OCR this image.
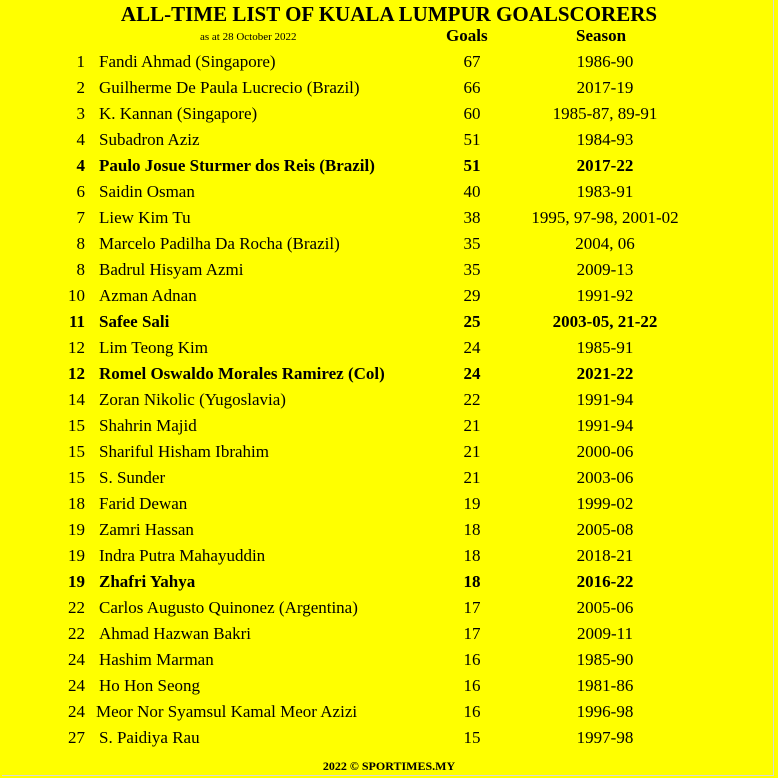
ALL-TIME LIST OF KUALA LUMPUR GOALSCORERS
as at 28 October 2022	Goals	Season
1 Fandi Ahmad (Singapore)	67	1986-90
2 Guilherme De Paula Lucrecio (Brazil)	66	2017-19
3 K. Kannan (Singapore)	60	1985-87, 89-91
4 Subadron Aziz	51	1984-93
4 Paulo Josue Sturmer dos Reis (Brazil)	51	2017-22
6 Saidin Osman	40	1983-91
7 Liew Kim Tu	38	1995, 97-98, 2001-02
8 Marcelo Padilha Da Rocha (Brazil)	35	2004, 06
8 Badrul Hisyam Azmi	35	2009-13
10 Azman Adnan	29	1991-92
11 Safee Sali	25	2003-05, 21-22
12 Lim Teong Kim	24	1985-91
12 Romel Oswaldo Morales Ramirez (Col)	24	2021-22
14 Zoran Nikolic (Yugoslavia)	22	1991-94
15 Shahrin Majid	21	1991-94
15 Shariful Hisham Ibrahim	21	2000-06
15 S. Sunder	21	2003-06
18 Farid Dewan	19	1999-02
19 Zamri Hassan	18	2005-08
19 Indra Putra Mahayuddin	18	2018-21
19 Zhafri Yahya	18	2016-22
22 Carlos Augusto Quinonez (Argentina)	17	2005-06
22 Ahmad Hazwan Bakri	17	2009-11
24 Hashim Marman	16	1985-90
24 Ho Hon Seong	16	1981-86
24 Meor Nor Syamsul Kamal Meor Azizi	16	1996-98
27 S. Paidiya Rau	15	1997-98
2022 © SPORTIMES.MY
